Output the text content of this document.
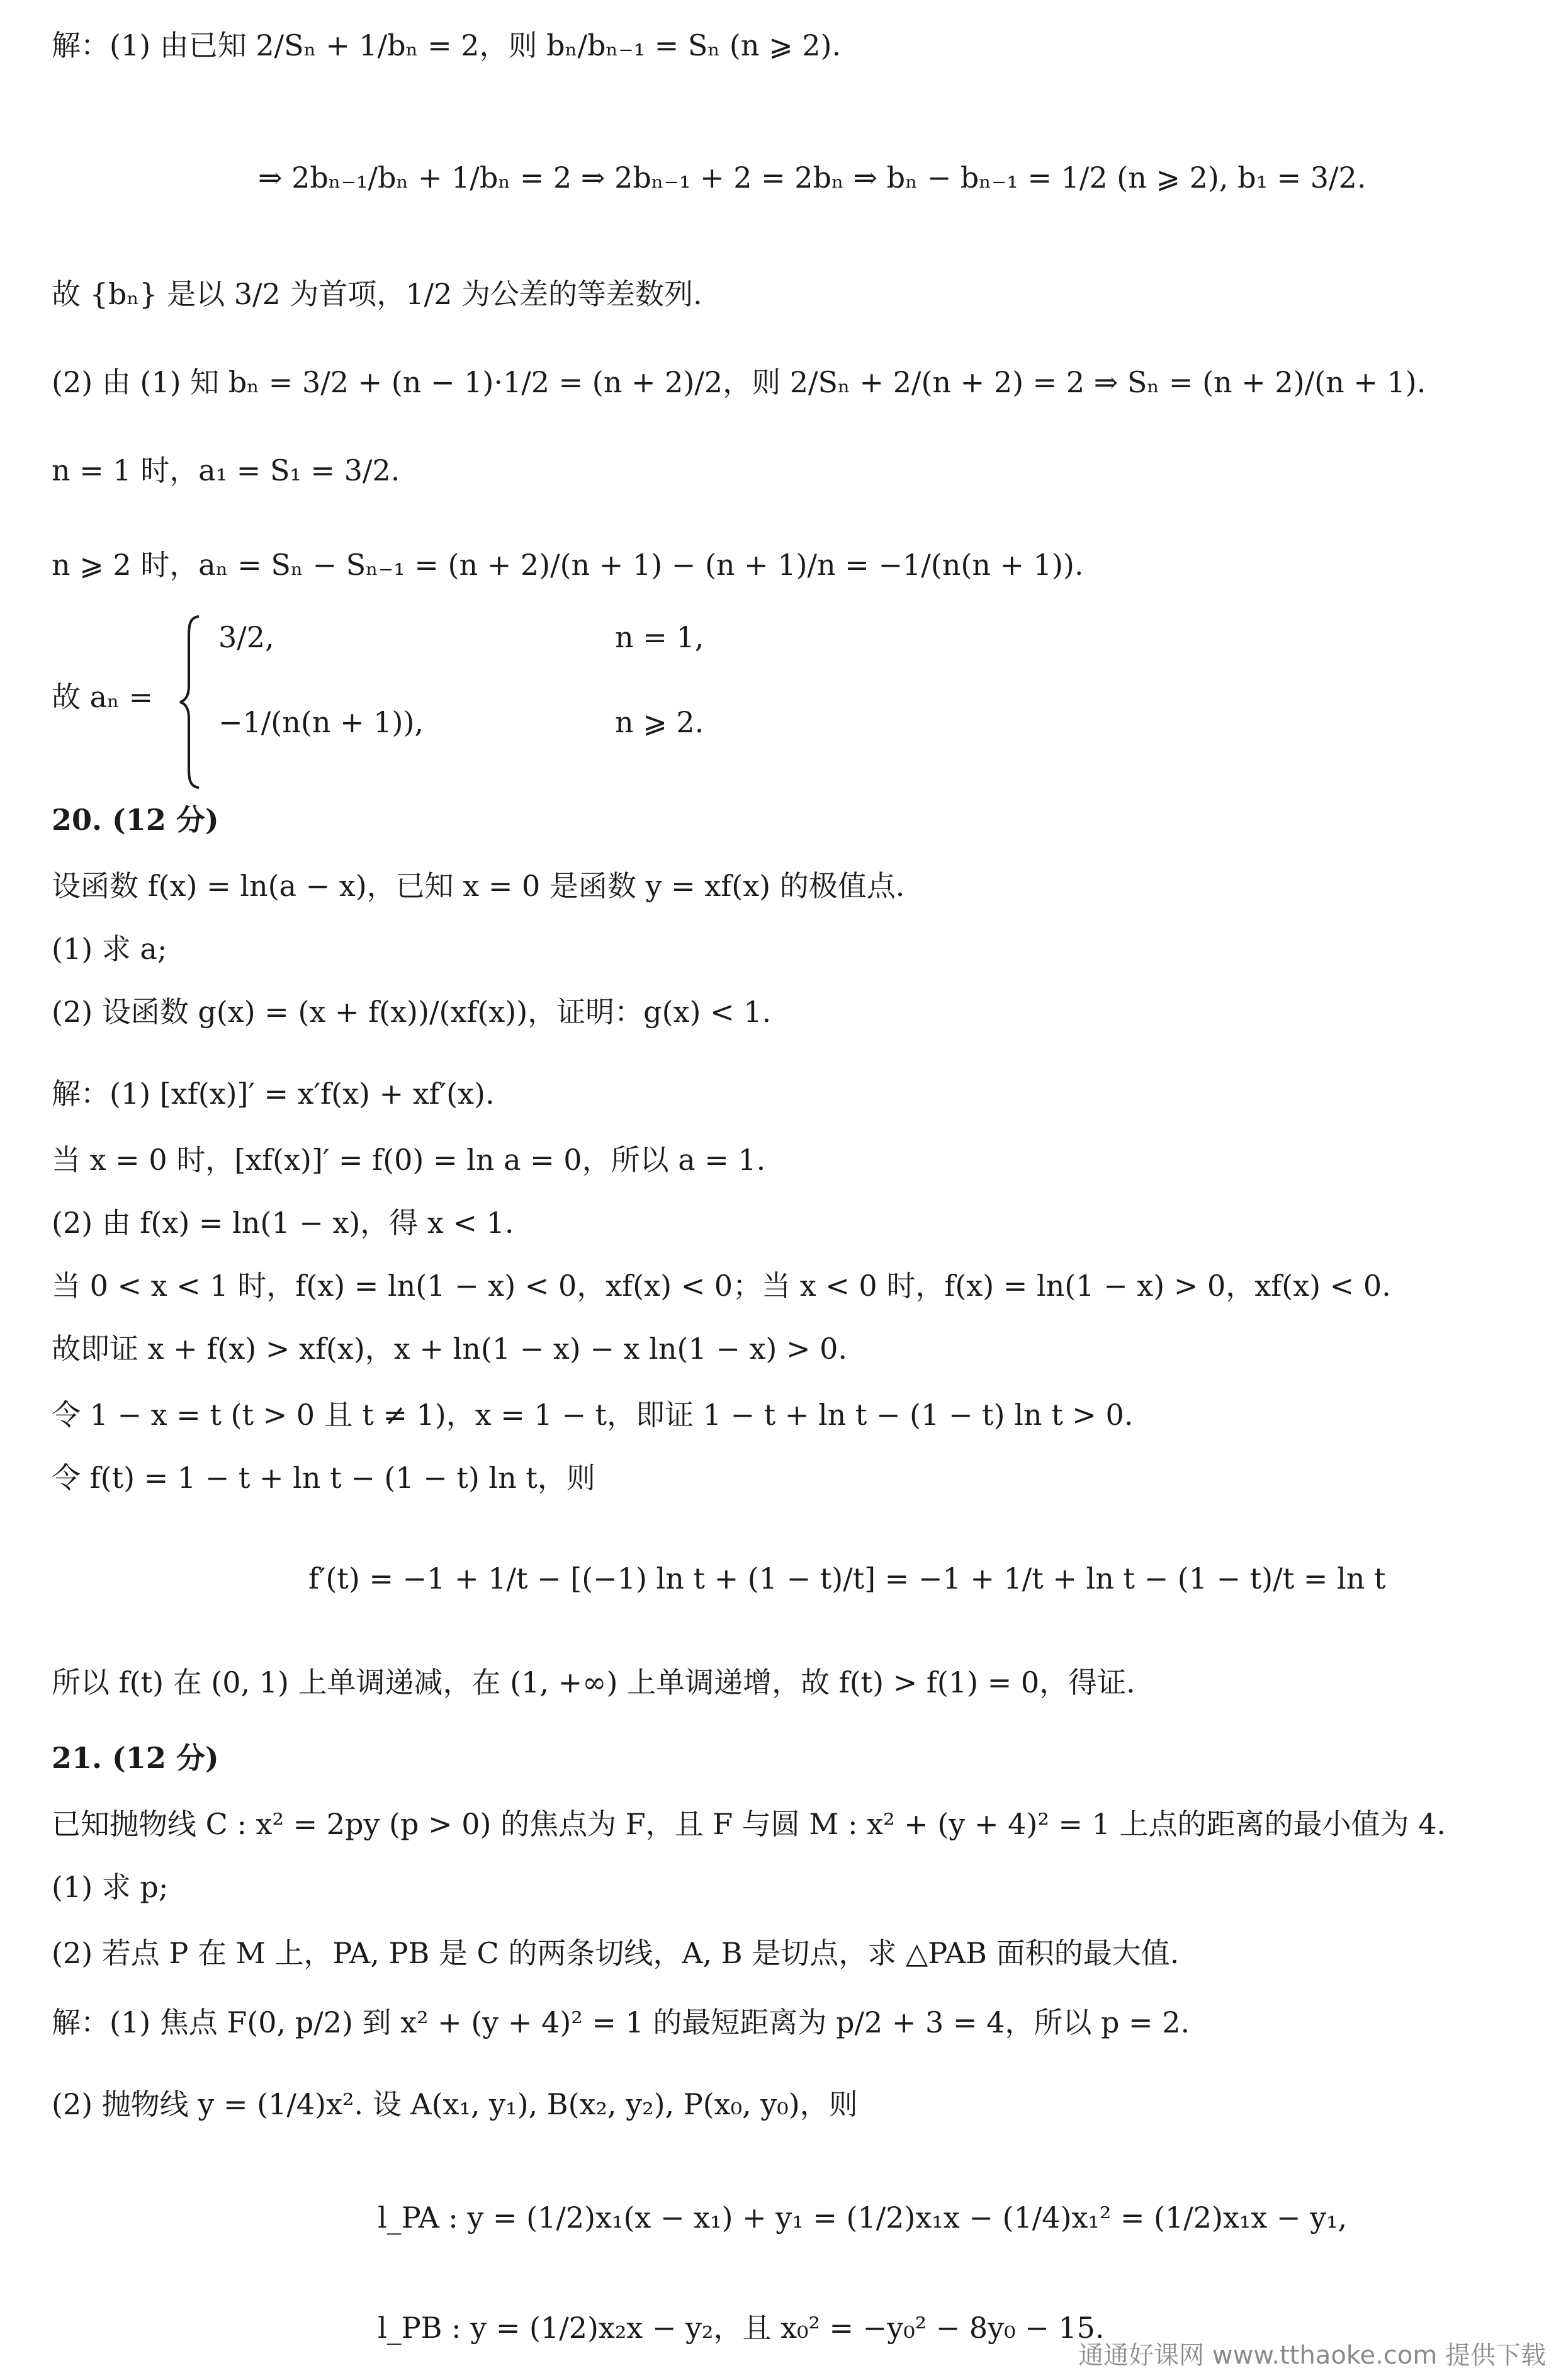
解：(1) 由已知 2/Sₙ + 1/bₙ = 2，则 bₙ/bₙ₋₁ = Sₙ (n ⩾ 2).

⇒ 2bₙ₋₁/bₙ + 1/bₙ = 2 ⇒ 2bₙ₋₁ + 2 = 2bₙ ⇒ bₙ − bₙ₋₁ = 1/2 (n ⩾ 2), b₁ = 3/2.

故 {bₙ} 是以 3/2 为首项，1/2 为公差的等差数列.

(2) 由 (1) 知 bₙ = 3/2 + (n − 1)·1/2 = (n + 2)/2，则 2/Sₙ + 2/(n + 2) = 2 ⇒ Sₙ = (n + 2)/(n + 1).

n = 1 时，a₁ = S₁ = 3/2.

n ⩾ 2 时，aₙ = Sₙ − Sₙ₋₁ = (n + 2)/(n + 1) − (n + 1)/n = −1/(n(n + 1)).

故 aₙ =
3/2,	n = 1,
−1/(n(n + 1)),	n ⩾ 2.

20. (12 分)

设函数 f(x) = ln(a − x)，已知 x = 0 是函数 y = xf(x) 的极值点.

(1) 求 a;

(2) 设函数 g(x) = (x + f(x))/(xf(x))，证明：g(x) < 1.

解：(1) [xf(x)]′ = x′f(x) + xf′(x).

当 x = 0 时，[xf(x)]′ = f(0) = ln a = 0，所以 a = 1.

(2) 由 f(x) = ln(1 − x)，得 x < 1.

当 0 < x < 1 时，f(x) = ln(1 − x) < 0，xf(x) < 0；当 x < 0 时，f(x) = ln(1 − x) > 0，xf(x) < 0.

故即证 x + f(x) > xf(x)，x + ln(1 − x) − x ln(1 − x) > 0.

令 1 − x = t (t > 0 且 t ≠ 1)，x = 1 − t，即证 1 − t + ln t − (1 − t) ln t > 0.

令 f(t) = 1 − t + ln t − (1 − t) ln t，则

f′(t) = −1 + 1/t − [(−1) ln t + (1 − t)/t] = −1 + 1/t + ln t − (1 − t)/t = ln t

所以 f(t) 在 (0, 1) 上单调递减，在 (1, +∞) 上单调递增，故 f(t) > f(1) = 0，得证.

21. (12 分)

已知抛物线 C : x² = 2py (p > 0) 的焦点为 F，且 F 与圆 M : x² + (y + 4)² = 1 上点的距离的最小值为 4.

(1) 求 p;

(2) 若点 P 在 M 上，PA, PB 是 C 的两条切线，A, B 是切点，求 △PAB 面积的最大值.

解：(1) 焦点 F(0, p/2) 到 x² + (y + 4)² = 1 的最短距离为 p/2 + 3 = 4，所以 p = 2.

(2) 抛物线 y = (1/4)x². 设 A(x₁, y₁), B(x₂, y₂), P(x₀, y₀)，则

l_PA : y = (1/2)x₁(x − x₁) + y₁ = (1/2)x₁x − (1/4)x₁² = (1/2)x₁x − y₁,

l_PB : y = (1/2)x₂x − y₂，且 x₀² = −y₀² − 8y₀ − 15.

通通好课网 www.tthaoke.com 提供下载
